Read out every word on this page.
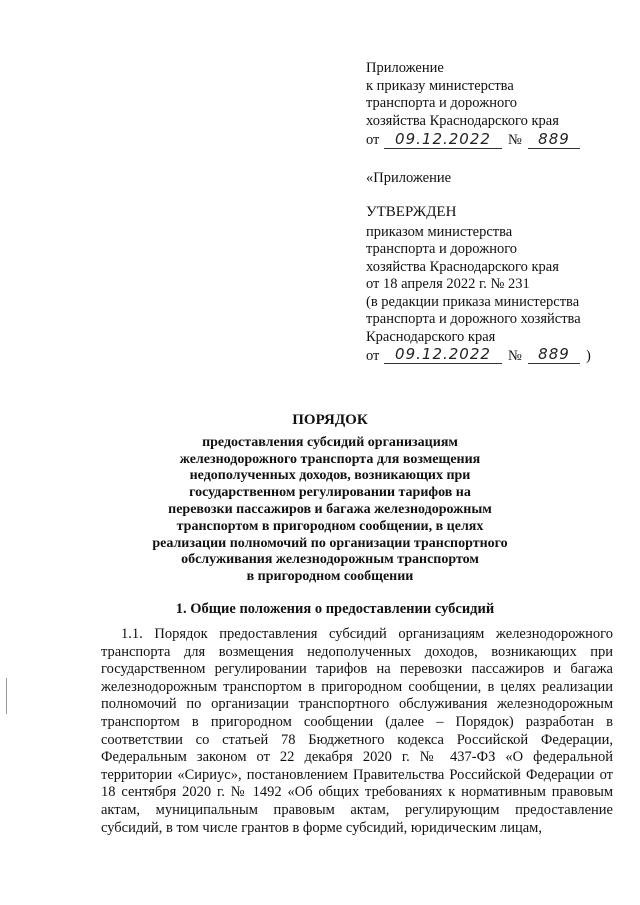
Приложение
к приказу министерства
транспорта и дорожного
хозяйства Краснодарского края
от	09.12.2022	№	889
«Приложение
УТВЕРЖДЕН
приказом министерства
транспорта и дорожного
хозяйства Краснодарского края
от 18 апреля 2022 г. № 231
(в редакции приказа министерства
транспорта и дорожного хозяйства
Краснодарского края
от	09.12.2022	№	889	)
ПОРЯДОК
предоставления субсидий организациям
железнодорожного транспорта для возмещения
недополученных доходов, возникающих при
государственном регулировании тарифов на
перевозки пассажиров и багажа железнодорожным
транспортом в пригородном сообщении, в целях
реализации полномочий по организации транспортного
обслуживания железнодорожным транспортом
в пригородном сообщении
1. Общие положения о предоставлении субсидий

1.1. Порядок предоставления субсидий организациям железнодорожного транспорта для возмещения недополученных доходов, возникающих при государственном регулировании тарифов на перевозки пассажиров и багажа железнодорожным транспортом в пригородном сообщении, в целях реализации полномочий по организации транспортного обслуживания железнодорожным транспортом в пригородном сообщении (далее – Порядок) разработан в соответствии со статьей 78 Бюджетного кодекса Российской Федерации, Федеральным законом от 22 декабря 2020 г. № 437-ФЗ «О федеральной территории «Сириус», постановлением Правительства Российской Федерации от 18 сентября 2020 г. № 1492 «Об общих требованиях к нормативным правовым актам, муниципальным правовым актам, регулирующим предоставление субсидий, в том числе грантов в форме субсидий, юридическим лицам,
